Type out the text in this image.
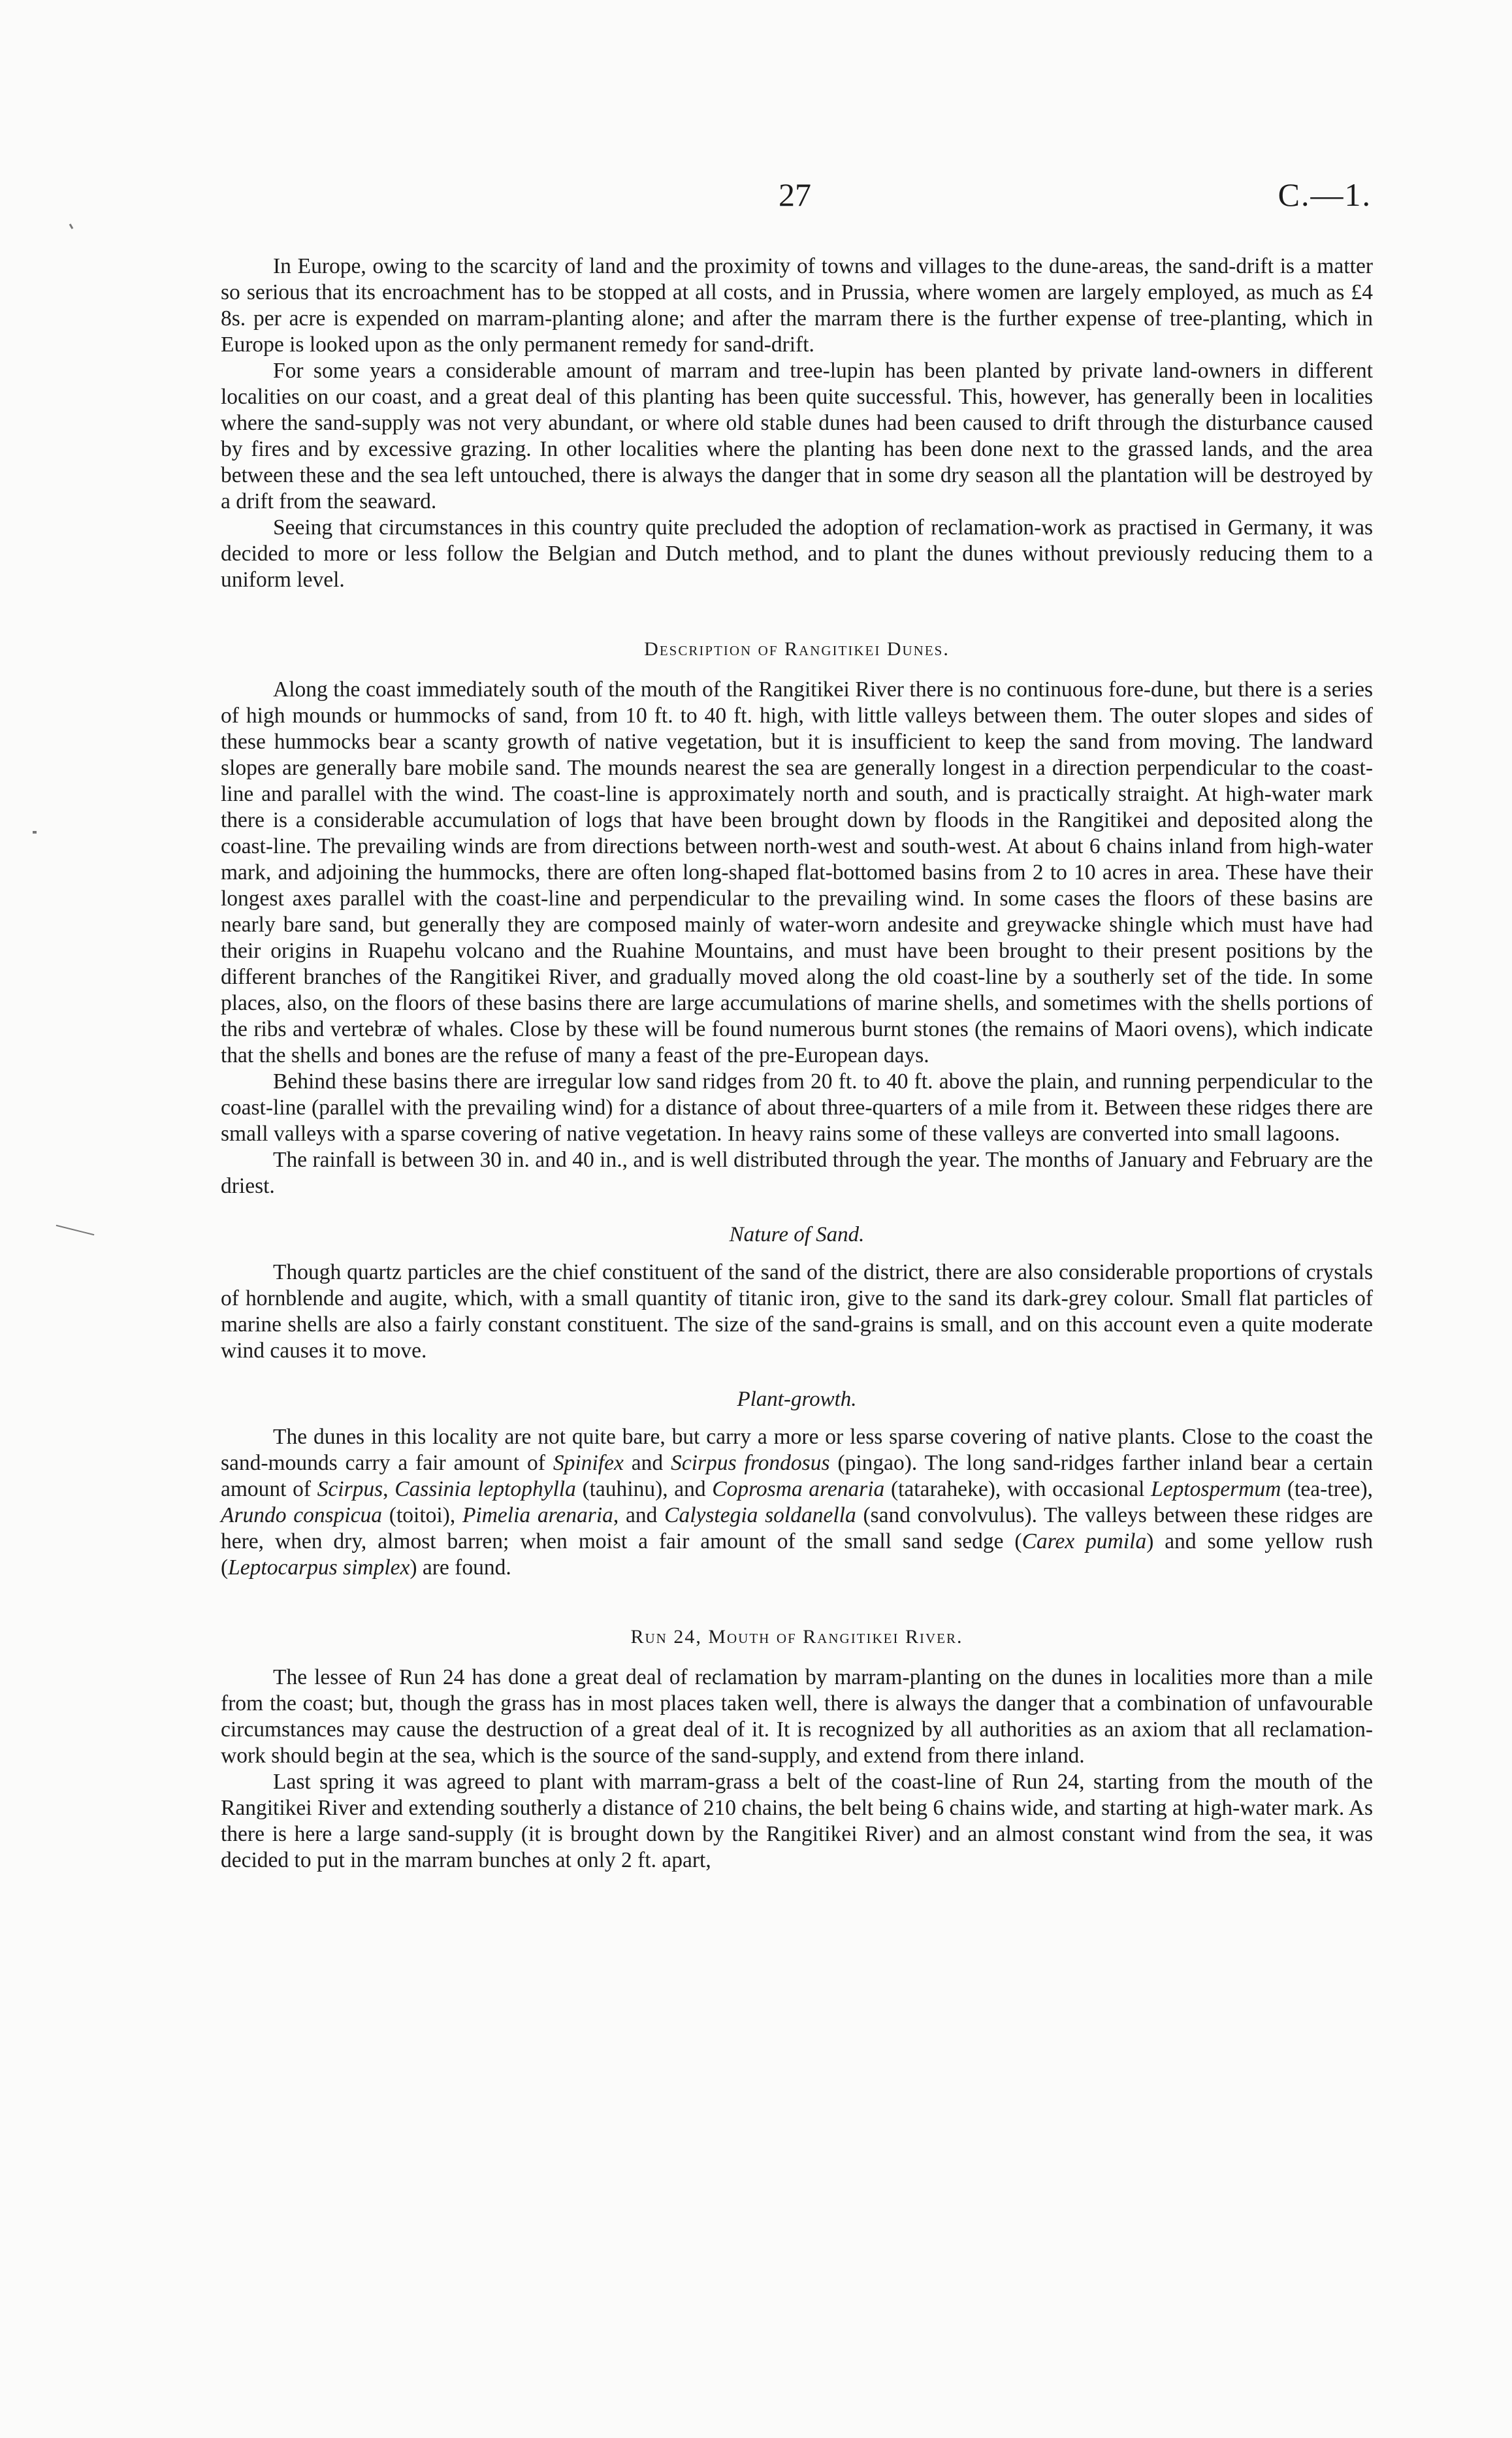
27	C.—1.

In Europe, owing to the scarcity of land and the proximity of towns and villages to the dune-areas, the sand-drift is a matter so serious that its encroachment has to be stopped at all costs, and in Prussia, where women are largely employed, as much as £4 8s. per acre is expended on marram-planting alone; and after the marram there is the further expense of tree-planting, which in Europe is looked upon as the only permanent remedy for sand-drift.

For some years a considerable amount of marram and tree-lupin has been planted by private land-owners in different localities on our coast, and a great deal of this planting has been quite successful. This, however, has generally been in localities where the sand-supply was not very abundant, or where old stable dunes had been caused to drift through the disturbance caused by fires and by excessive grazing. In other localities where the planting has been done next to the grassed lands, and the area between these and the sea left untouched, there is always the danger that in some dry season all the plantation will be destroyed by a drift from the seaward.

Seeing that circumstances in this country quite precluded the adoption of reclamation-work as practised in Germany, it was decided to more or less follow the Belgian and Dutch method, and to plant the dunes without previously reducing them to a uniform level.

Description of Rangitikei Dunes.

Along the coast immediately south of the mouth of the Rangitikei River there is no continuous fore-dune, but there is a series of high mounds or hummocks of sand, from 10 ft. to 40 ft. high, with little valleys between them. The outer slopes and sides of these hummocks bear a scanty growth of native vegetation, but it is insufficient to keep the sand from moving. The landward slopes are generally bare mobile sand. The mounds nearest the sea are generally longest in a direction perpendicular to the coast-line and parallel with the wind. The coast-line is approximately north and south, and is practically straight. At high-water mark there is a considerable accumulation of logs that have been brought down by floods in the Rangitikei and deposited along the coast-line. The prevailing winds are from directions between north-west and south-west. At about 6 chains inland from high-water mark, and adjoining the hummocks, there are often long-shaped flat-bottomed basins from 2 to 10 acres in area. These have their longest axes parallel with the coast-line and perpendicular to the prevailing wind. In some cases the floors of these basins are nearly bare sand, but generally they are composed mainly of water-worn andesite and greywacke shingle which must have had their origins in Ruapehu volcano and the Ruahine Mountains, and must have been brought to their present positions by the different branches of the Rangitikei River, and gradually moved along the old coast-line by a southerly set of the tide. In some places, also, on the floors of these basins there are large accumulations of marine shells, and sometimes with the shells portions of the ribs and vertebræ of whales. Close by these will be found numerous burnt stones (the remains of Maori ovens), which indicate that the shells and bones are the refuse of many a feast of the pre-European days.

Behind these basins there are irregular low sand ridges from 20 ft. to 40 ft. above the plain, and running perpendicular to the coast-line (parallel with the prevailing wind) for a distance of about three-quarters of a mile from it. Between these ridges there are small valleys with a sparse covering of native vegetation. In heavy rains some of these valleys are converted into small lagoons.

The rainfall is between 30 in. and 40 in., and is well distributed through the year. The months of January and February are the driest.

Nature of Sand.

Though quartz particles are the chief constituent of the sand of the district, there are also considerable proportions of crystals of hornblende and augite, which, with a small quantity of titanic iron, give to the sand its dark-grey colour. Small flat particles of marine shells are also a fairly constant constituent. The size of the sand-grains is small, and on this account even a quite moderate wind causes it to move.

Plant-growth.

The dunes in this locality are not quite bare, but carry a more or less sparse covering of native plants. Close to the coast the sand-mounds carry a fair amount of Spinifex and Scirpus frondosus (pingao). The long sand-ridges farther inland bear a certain amount of Scirpus, Cassinia leptophylla (tauhinu), and Coprosma arenaria (tataraheke), with occasional Leptospermum (tea-tree), Arundo conspicua (toitoi), Pimelia arenaria, and Calystegia soldanella (sand convolvulus). The valleys between these ridges are here, when dry, almost barren; when moist a fair amount of the small sand sedge (Carex pumila) and some yellow rush (Leptocarpus simplex) are found.

Run 24, Mouth of Rangitikei River.

The lessee of Run 24 has done a great deal of reclamation by marram-planting on the dunes in localities more than a mile from the coast; but, though the grass has in most places taken well, there is always the danger that a combination of unfavourable circumstances may cause the destruction of a great deal of it. It is recognized by all authorities as an axiom that all reclamation-work should begin at the sea, which is the source of the sand-supply, and extend from there inland.

Last spring it was agreed to plant with marram-grass a belt of the coast-line of Run 24, starting from the mouth of the Rangitikei River and extending southerly a distance of 210 chains, the belt being 6 chains wide, and starting at high-water mark. As there is here a large sand-supply (it is brought down by the Rangitikei River) and an almost constant wind from the sea, it was decided to put in the marram bunches at only 2 ft. apart,
